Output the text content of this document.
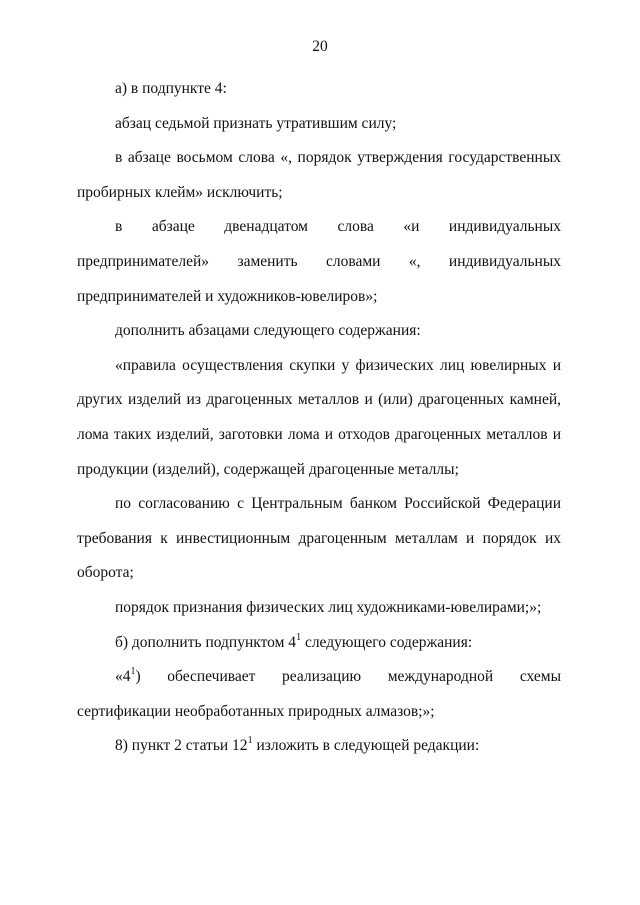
20

а) в подпункте 4:

абзац седьмой признать утратившим силу;

в абзаце восьмом слова «, порядок утверждения государственных пробирных клейм» исключить;

в абзаце двенадцатом слова «и индивидуальных предпринимателей» заменить словами «, индивидуальных предпринимателей и художников-ювелиров»;

дополнить абзацами следующего содержания:

«правила осуществления скупки у физических лиц ювелирных и других изделий из драгоценных металлов и (или) драгоценных камней, лома таких изделий, заготовки лома и отходов драгоценных металлов и продукции (изделий), содержащей драгоценные металлы;

по согласованию с Центральным банком Российской Федерации требования к инвестиционным драгоценным металлам и порядок их оборота;

порядок признания физических лиц художниками-ювелирами;»;

б) дополнить подпунктом $4^1$ следующего содержания:

«$4^1$) обеспечивает реализацию международной схемы сертификации необработанных природных алмазов;»;

8) пункт 2 статьи $12^1$ изложить в следующей редакции:
